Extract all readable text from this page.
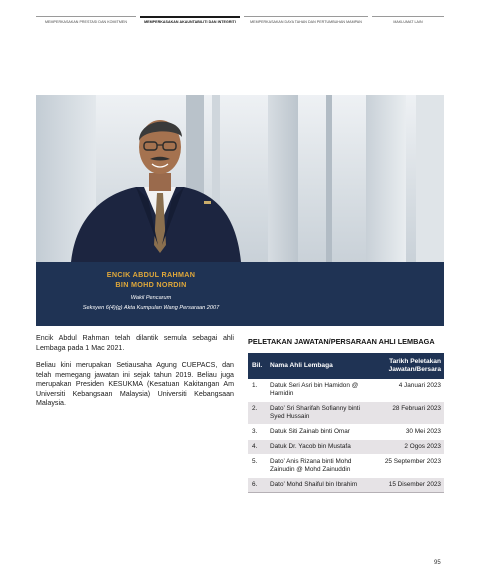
MEMPERKASAKAN PRESTASI DAN KOMITMEN	MEMPERKASAKAN AKAUNTABILITI DAN INTEGRITI	MEMPERKASAKAN DAYA TAHAN DAN PERTUMBUHAN MAMPAN	MAKLUMAT LAIN
ENCIK ABDUL RAHMAN
BIN MOHD NORDIN
Wakil Pencarum
Seksyen 6(4)(g) Akta Kumpulan Wang Persaraan 2007
Encik Abdul Rahman telah dilantik semula sebagai ahli Lembaga pada 1 Mac 2021.
Beliau kini merupakan Setiausaha Agung CUEPACS, dan telah memegang jawatan ini sejak tahun 2019. Beliau juga merupakan Presiden KESUKMA (Kesatuan Kakitangan Am Universiti Kebangsaan Malaysia) Universiti Kebangsaan Malaysia.
PELETAKAN JAWATAN/PERSARAAN AHLI LEMBAGA
Bil.	Nama Ahli Lembaga	Tarikh Peletakan Jawatan/Bersara
1.	Datuk Seri Asri bin Hamidon @ Hamidin	4 Januari 2023
2.	Dato’ Sri Sharifah Sofianny binti Syed Hussain	28 Februari 2023
3.	Datuk Siti Zainab binti Omar	30 Mei 2023
4.	Datuk Dr. Yacob bin Mustafa	2 Ogos 2023
5.	Dato’ Anis Rizana binti Mohd Zainudin @ Mohd Zainuddin	25 September 2023
6.	Dato’ Mohd Shaiful bin Ibrahim	15 Disember 2023
95
